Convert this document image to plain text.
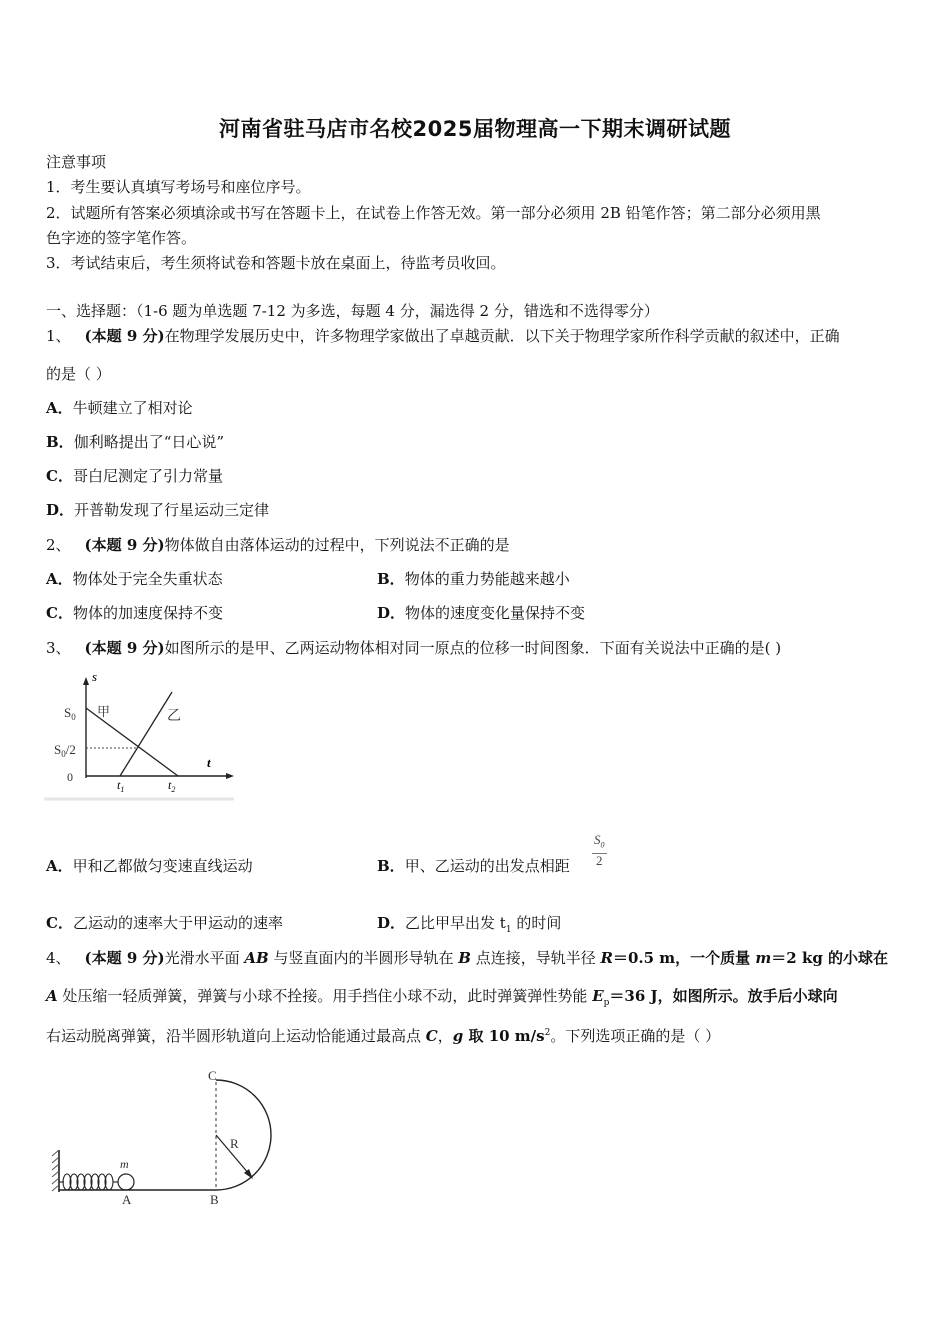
河南省驻马店市名校2025届物理高一下期末调研试题
注意事项
1．考生要认真填写考场号和座位序号。
2．试题所有答案必须填涂或书写在答题卡上，在试卷上作答无效。第一部分必须用 2B 铅笔作答；第二部分必须用黑
色字迹的签字笔作答。
3．考试结束后，考生须将试卷和答题卡放在桌面上，待监考员收回。
一、选择题：（1-6 题为单选题 7-12 为多选，每题 4 分，漏选得 2 分，错选和不选得零分）
1、 (本题 9 分)在物理学发展历史中，许多物理学家做出了卓越贡献．以下关于物理学家所作科学贡献的叙述中，正确
的是（ ）
A．牛顿建立了相对论
B．伽利略提出了“日心说”
C．哥白尼测定了引力常量
D．开普勒发现了行星运动三定律
2、 (本题 9 分)物体做自由落体运动的过程中，下列说法不正确的是
A．物体处于完全失重状态	B．物体的重力势能越来越小
C．物体的加速度保持不变	D．物体的速度变化量保持不变
3、 (本题 9 分)如图所示的是甲、乙两运动物体相对同一原点的位移一时间图象．下面有关说法中正确的是( )
s
t
$S_0$
$S_0/2$
0
$t_1$	$t_2$
甲	乙
A．甲和乙都做匀变速直线运动	B．甲、乙运动的出发点相距 $\frac{S_0}{2}$
C．乙运动的速率大于甲运动的速率	D．乙比甲早出发 $t_1$ 的时间
4、 (本题 9 分)光滑水平面 AB 与竖直面内的半圆形导轨在 B 点连接，导轨半径 R＝0.5 m，一个质量 m＝2 kg 的小球在
A 处压缩一轻质弹簧，弹簧与小球不拴接。用手挡住小球不动，此时弹簧弹性势能 $E_p=36$ J，如图所示。放手后小球向
右运动脱离弹簧，沿半圆形轨道向上运动恰能通过最高点 C，g 取 10 $m/s^2$。下列选项正确的是（ ）
C
R
m
A	B
